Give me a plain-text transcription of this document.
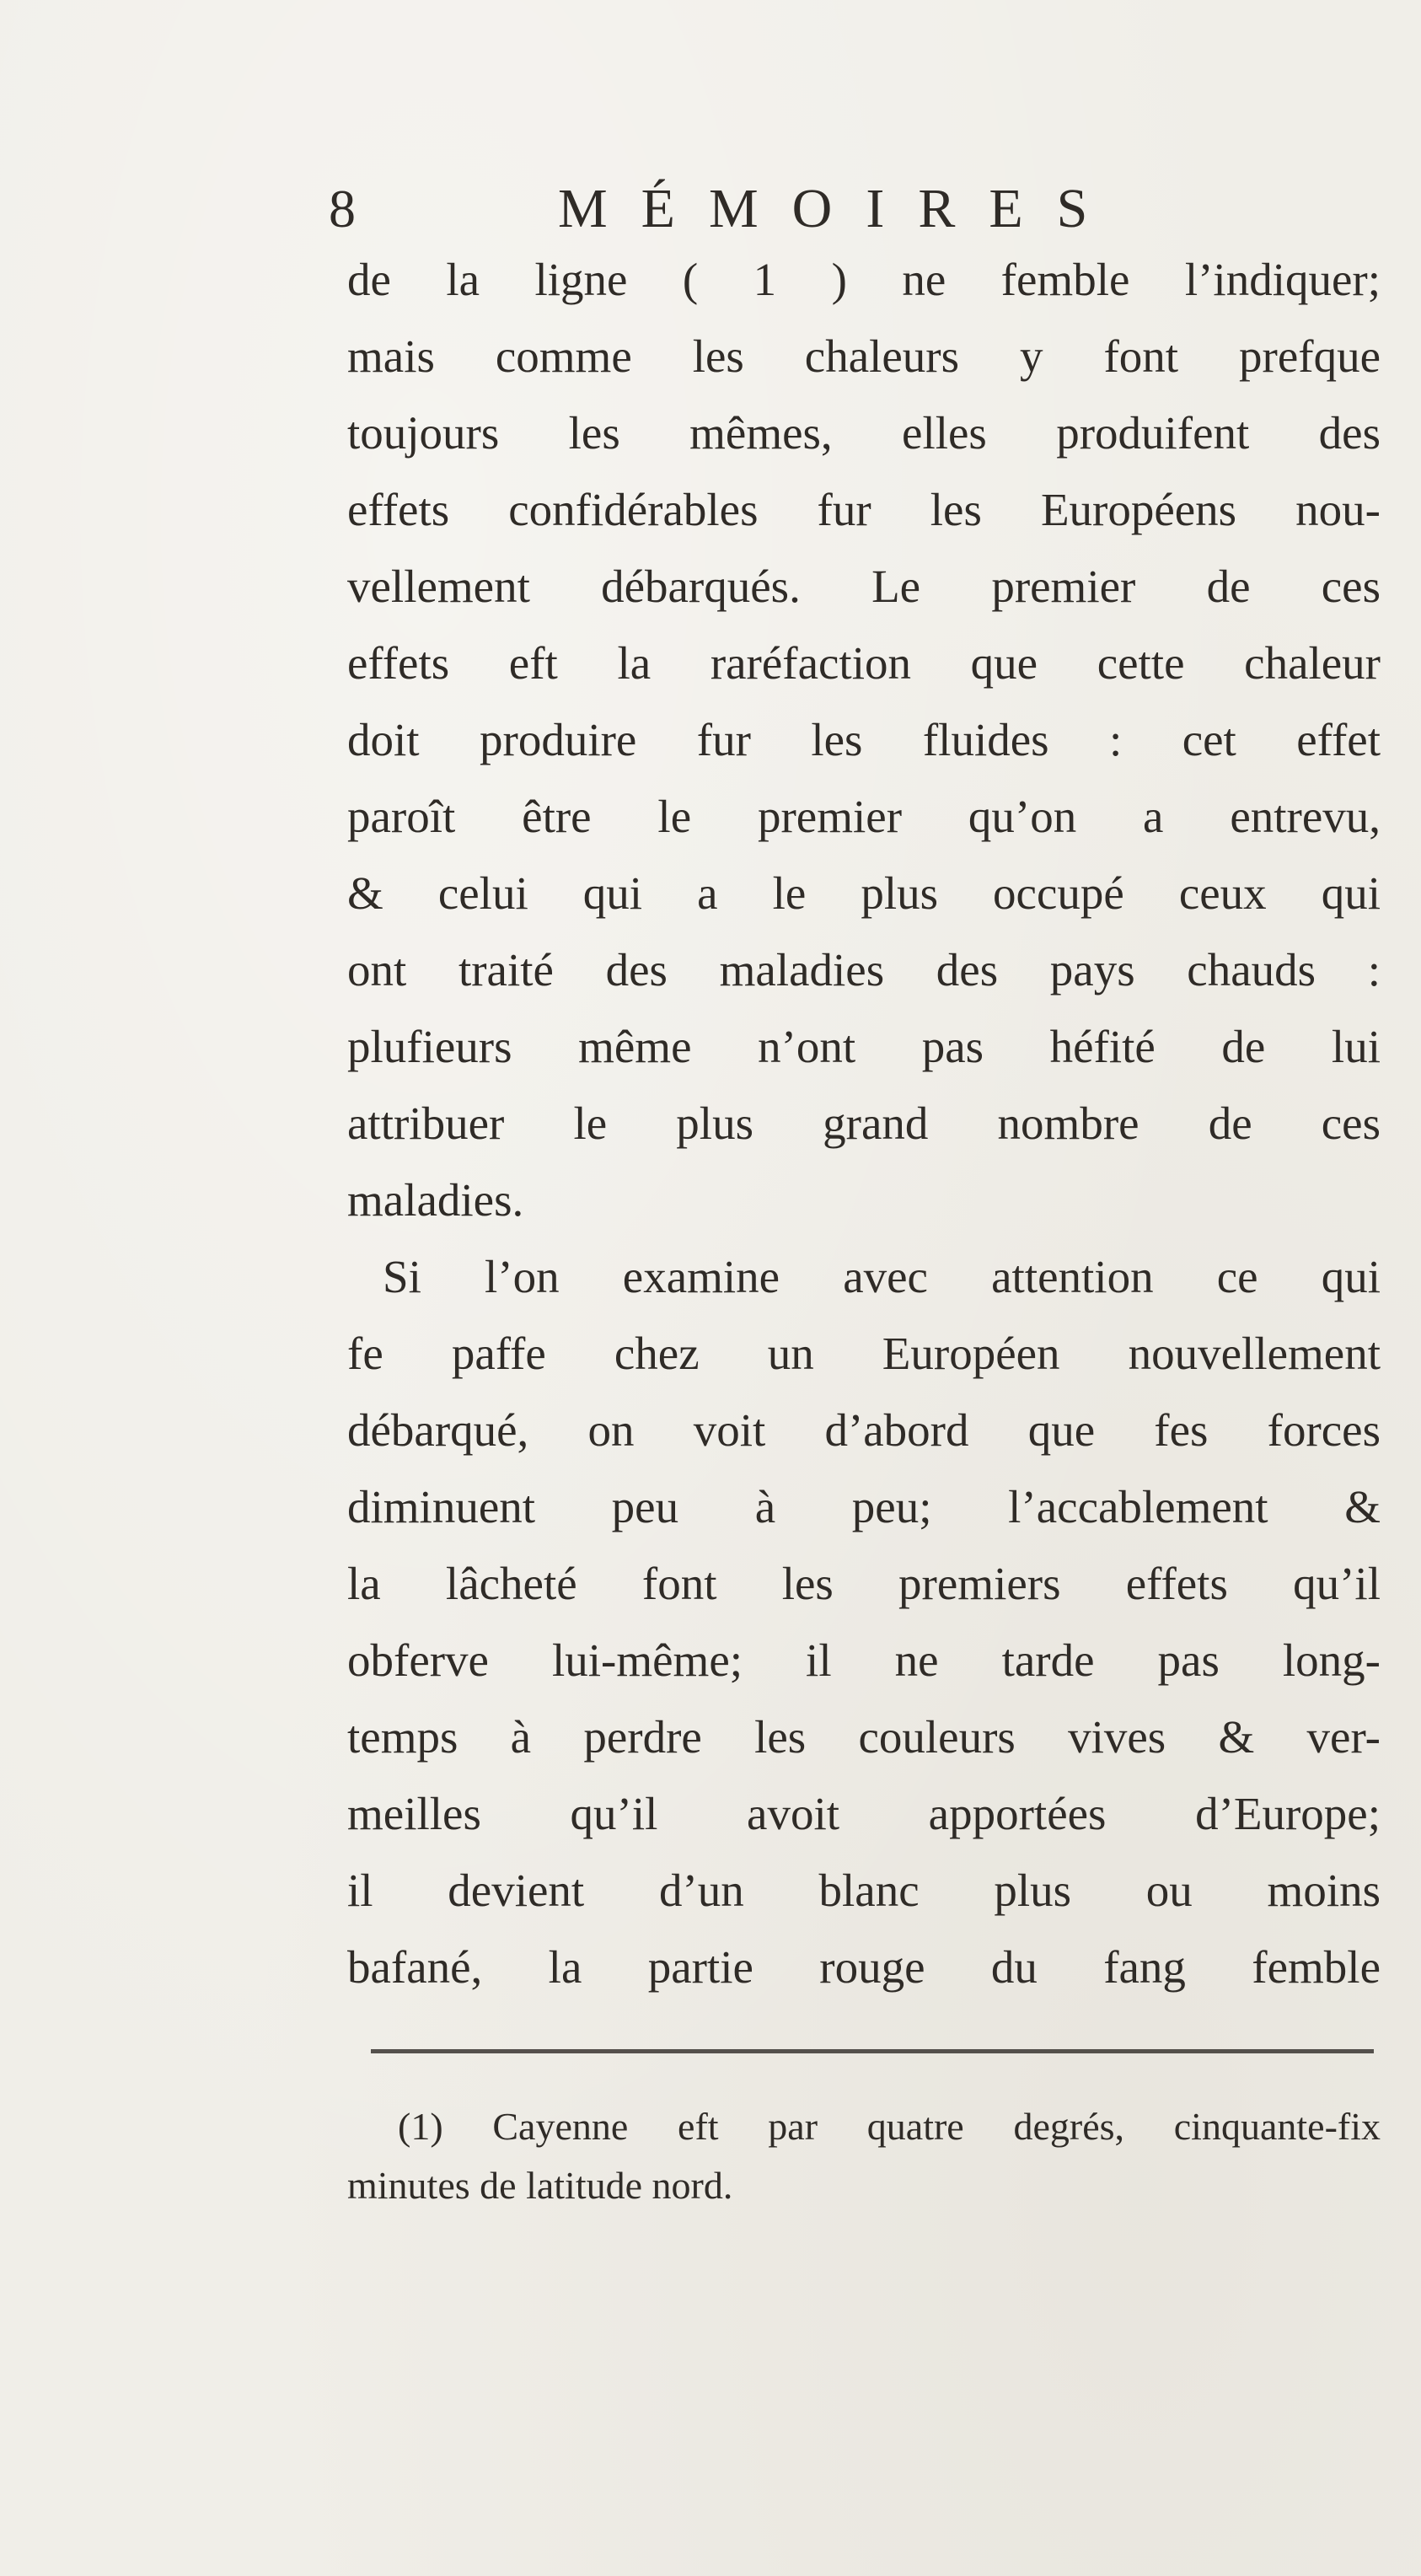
8	MÉMOIRES
de la ligne ( 1 ) ne femble l’indiquer;
mais comme les chaleurs y font prefque
toujours les mêmes, elles produifent des
effets confidérables fur les Européens nou-
vellement débarqués. Le premier de ces
effets eft la raréfaction que cette chaleur
doit produire fur les fluides : cet effet
paroît être le premier qu’on a entrevu,
& celui qui a le plus occupé ceux qui
ont traité des maladies des pays chauds :
plufieurs même n’ont pas héfité de lui
attribuer le plus grand nombre de ces
maladies.
Si l’on examine avec attention ce qui
fe paffe chez un Européen nouvellement
débarqué, on voit d’abord que fes forces
diminuent peu à peu; l’accablement &
la lâcheté font les premiers effets qu’il
obferve lui-même; il ne tarde pas long-
temps à perdre les couleurs vives & ver-
meilles qu’il avoit apportées d’Europe;
il devient d’un blanc plus ou moins
bafané, la partie rouge du fang femble
(1) Cayenne eft par quatre degrés, cinquante-fix
minutes de latitude nord.
